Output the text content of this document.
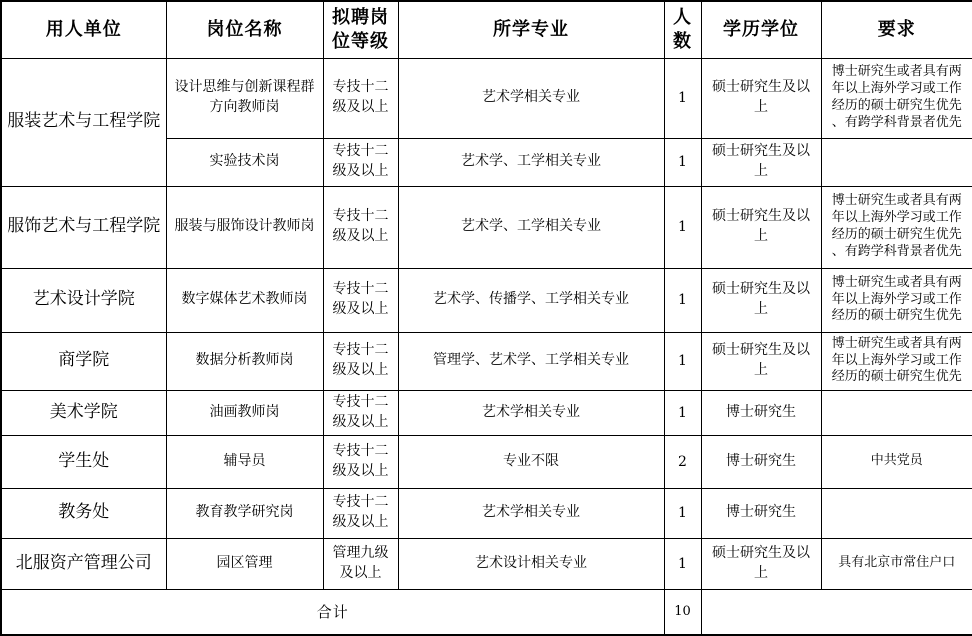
用人单位	岗位名称	拟聘岗位等级	所学专业	人数	学历学位	要求
服装艺术与工程学院	设计思维与创新课程群方向教师岗	专技十二级及以上	艺术学相关专业	1	硕士研究生及以上	博士研究生或者具有两年以上海外学习或工作经历的硕士研究生优先、有跨学科背景者优先
	实验技术岗	专技十二级及以上	艺术学、工学相关专业	1	硕士研究生及以上	
服饰艺术与工程学院	服装与服饰设计教师岗	专技十二级及以上	艺术学、工学相关专业	1	硕士研究生及以上	博士研究生或者具有两年以上海外学习或工作经历的硕士研究生优先、有跨学科背景者优先
艺术设计学院	数字媒体艺术教师岗	专技十二级及以上	艺术学、传播学、工学相关专业	1	硕士研究生及以上	博士研究生或者具有两年以上海外学习或工作经历的硕士研究生优先
商学院	数据分析教师岗	专技十二级及以上	管理学、艺术学、工学相关专业	1	硕士研究生及以上	博士研究生或者具有两年以上海外学习或工作经历的硕士研究生优先
美术学院	油画教师岗	专技十二级及以上	艺术学相关专业	1	博士研究生	
学生处	辅导员	专技十二级及以上	专业不限	2	博士研究生	中共党员
教务处	教育教学研究岗	专技十二级及以上	艺术学相关专业	1	博士研究生	
北服资产管理公司	园区管理	管理九级及以上	艺术设计相关专业	1	硕士研究生及以上	具有北京市常住户口
合计				10		
